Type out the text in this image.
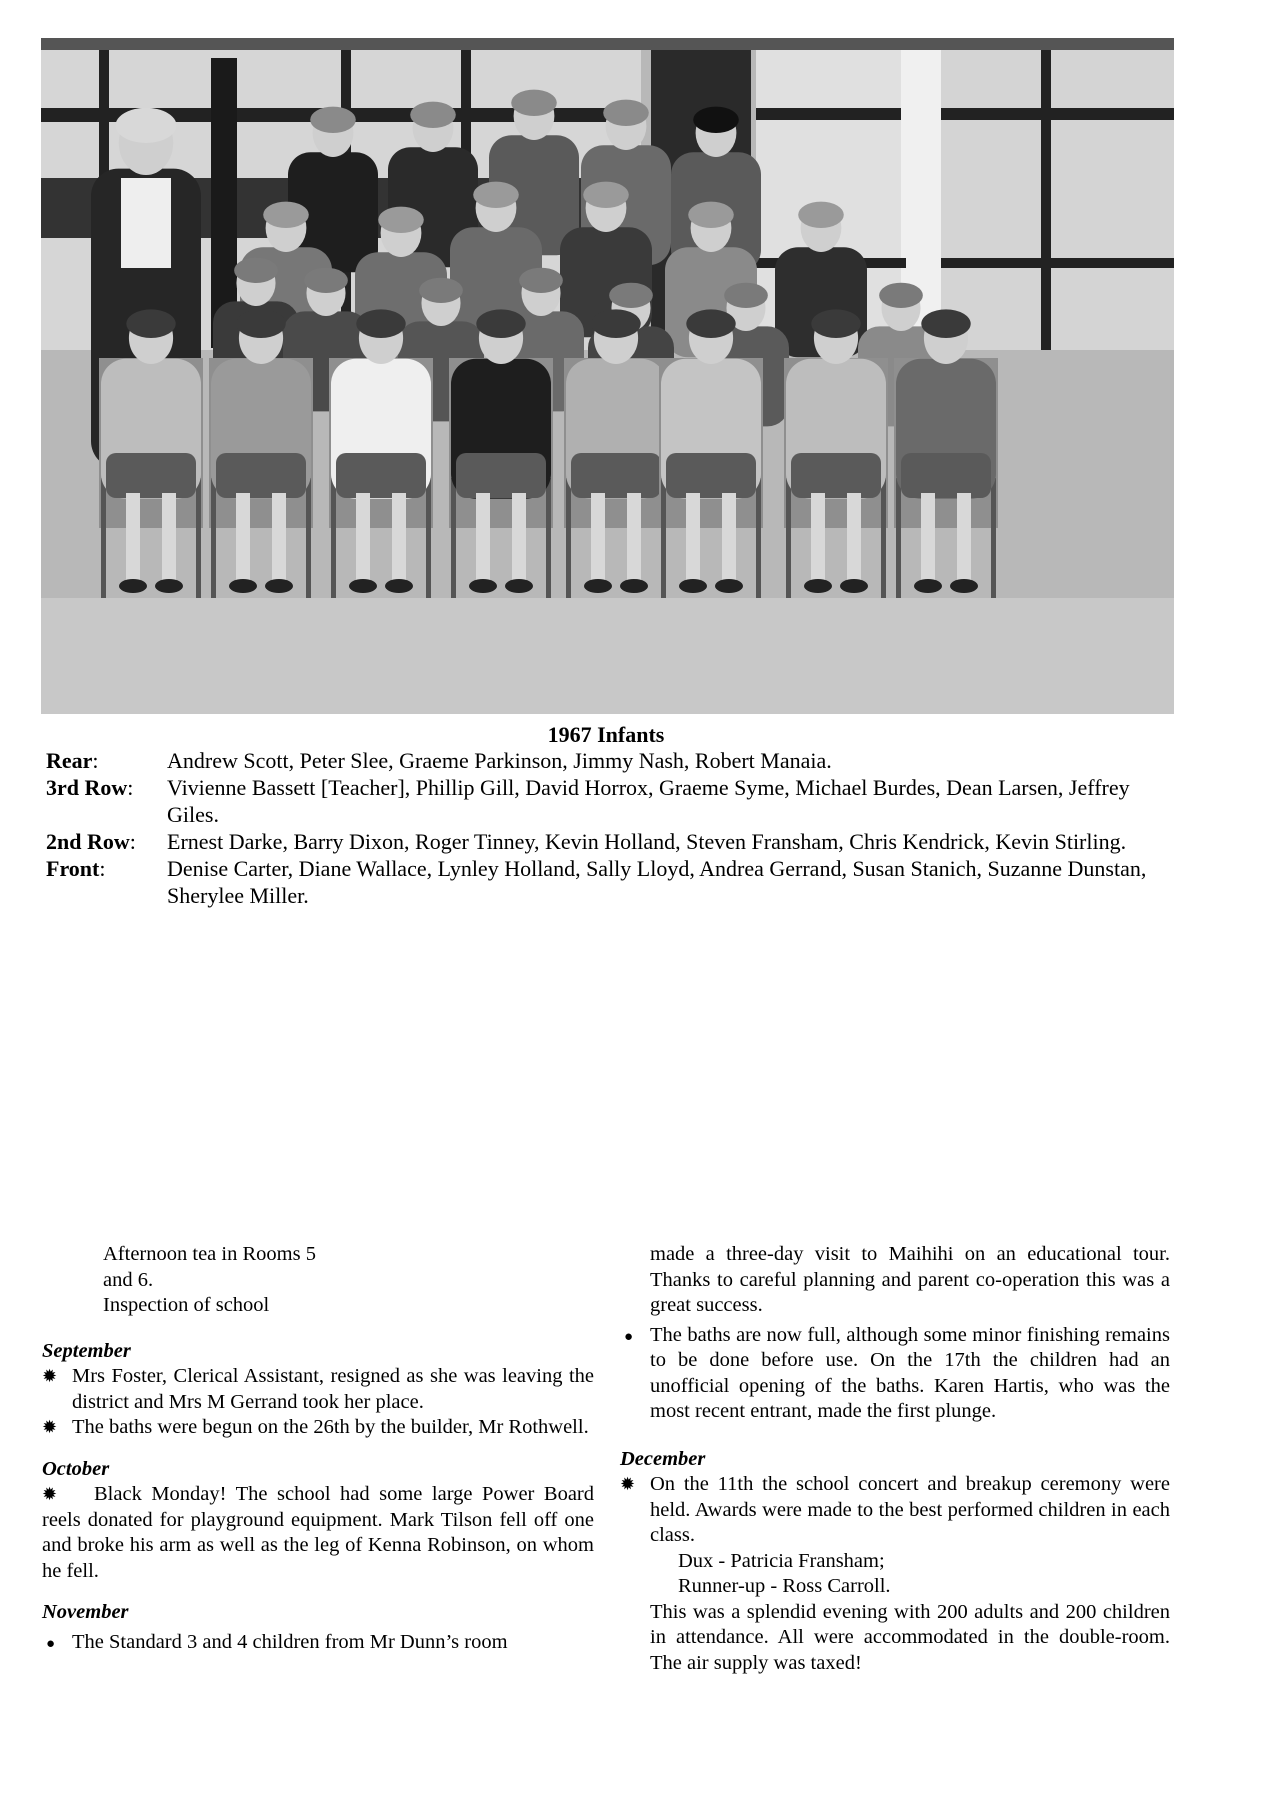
1967 Infants
Rear:	Andrew Scott, Peter Slee, Graeme Parkinson, Jimmy Nash, Robert Manaia.
3rd Row:	Vivienne Bassett [Teacher], Phillip Gill, David Horrox, Graeme Syme, Michael Burdes, Dean Larsen, Jeffrey Giles.
2nd Row:	Ernest Darke, Barry Dixon, Roger Tinney, Kevin Holland, Steven Fransham, Chris Kendrick, Kevin Stirling.
Front:	Denise Carter, Diane Wallace, Lynley Holland, Sally Lloyd, Andrea Gerrand, Susan Stanich, Suzanne Dunstan, Sherylee Miller.

Afternoon tea in Rooms 5

and 6.

Inspection of school

September
✹ Mrs Foster, Clerical Assistant, resigned as she was leaving the district and Mrs M Gerrand took her place.

✹ The baths were begun on the 26th by the builder, Mr Rothwell.

October
✹	Black Monday! The school had some large Power Board reels donated for playground equipment. Mark Tilson fell off one and broke his arm as well as the leg of Kenna Robinson, on whom he fell.

November
● The Standard 3 and 4 children from Mr Dunn’s room

made a three-day visit to Maihihi on an educational tour. Thanks to careful planning and parent co-operation this was a great success.

● The baths are now full, although some minor finishing remains to be done before use. On the 17th the children had an unofficial opening of the baths. Karen Hartis, who was the most recent entrant, made the first plunge.

December
✹ On the 11th the school concert and breakup ceremony were held. Awards were made to the best performed children in each class.

Dux - Patricia Fransham;

Runner-up - Ross Carroll.

This was a splendid evening with 200 adults and 200 children in attendance. All were accommodated in the double-room. The air supply was taxed!
